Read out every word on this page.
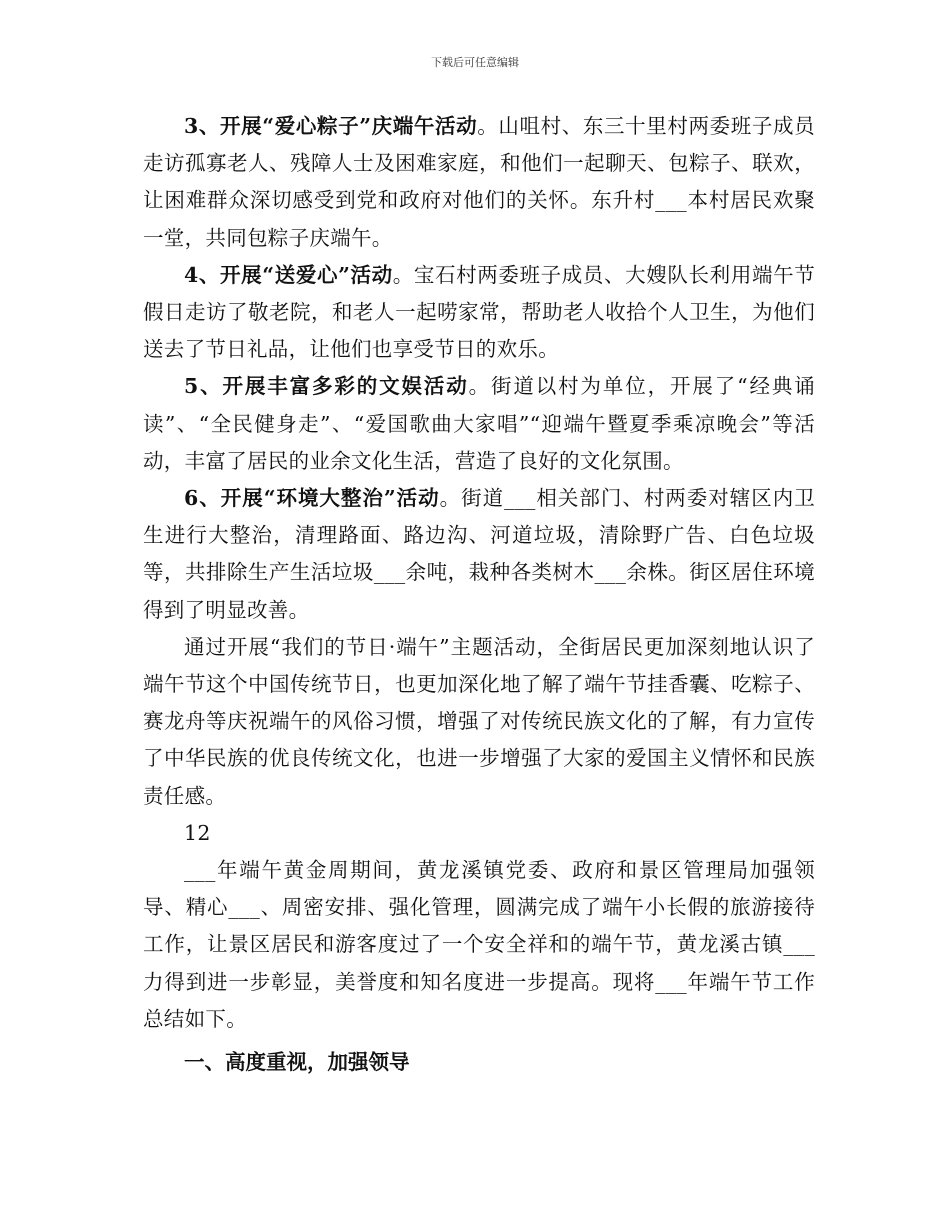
下载后可任意编辑

3、开展“爱心粽子”庆端午活动。山咀村、东三十里村两委班子成员走访孤寡老人、残障人士及困难家庭，和他们一起聊天、包粽子、联欢，让困难群众深切感受到党和政府对他们的关怀。东升村___本村居民欢聚一堂，共同包粽子庆端午。

4、开展“送爱心”活动。宝石村两委班子成员、大嫂队长利用端午节假日走访了敬老院，和老人一起唠家常，帮助老人收拾个人卫生，为他们送去了节日礼品，让他们也享受节日的欢乐。

5、开展丰富多彩的文娱活动。街道以村为单位，开展了“经典诵读”、“全民健身走”、“爱国歌曲大家唱”“迎端午暨夏季乘凉晚会”等活动，丰富了居民的业余文化生活，营造了良好的文化氛围。

6、开展“环境大整治”活动。街道___相关部门、村两委对辖区内卫生进行大整治，清理路面、路边沟、河道垃圾，清除野广告、白色垃圾等，共排除生产生活垃圾___余吨，栽种各类树木___余株。街区居住环境得到了明显改善。

通过开展“我们的节日·端午”主题活动，全街居民更加深刻地认识了端午节这个中国传统节日，也更加深化地了解了端午节挂香囊、吃粽子、赛龙舟等庆祝端午的风俗习惯，增强了对传统民族文化的了解，有力宣传了中华民族的优良传统文化，也进一步增强了大家的爱国主义情怀和民族责任感。

12

___年端午黄金周期间，黄龙溪镇党委、政府和景区管理局加强领导、精心___、周密安排、强化管理，圆满完成了端午小长假的旅游接待工作，让景区居民和游客度过了一个安全祥和的端午节，黄龙溪古镇___力得到进一步彰显，美誉度和知名度进一步提高。现将___年端午节工作总结如下。

一、高度重视，加强领导
